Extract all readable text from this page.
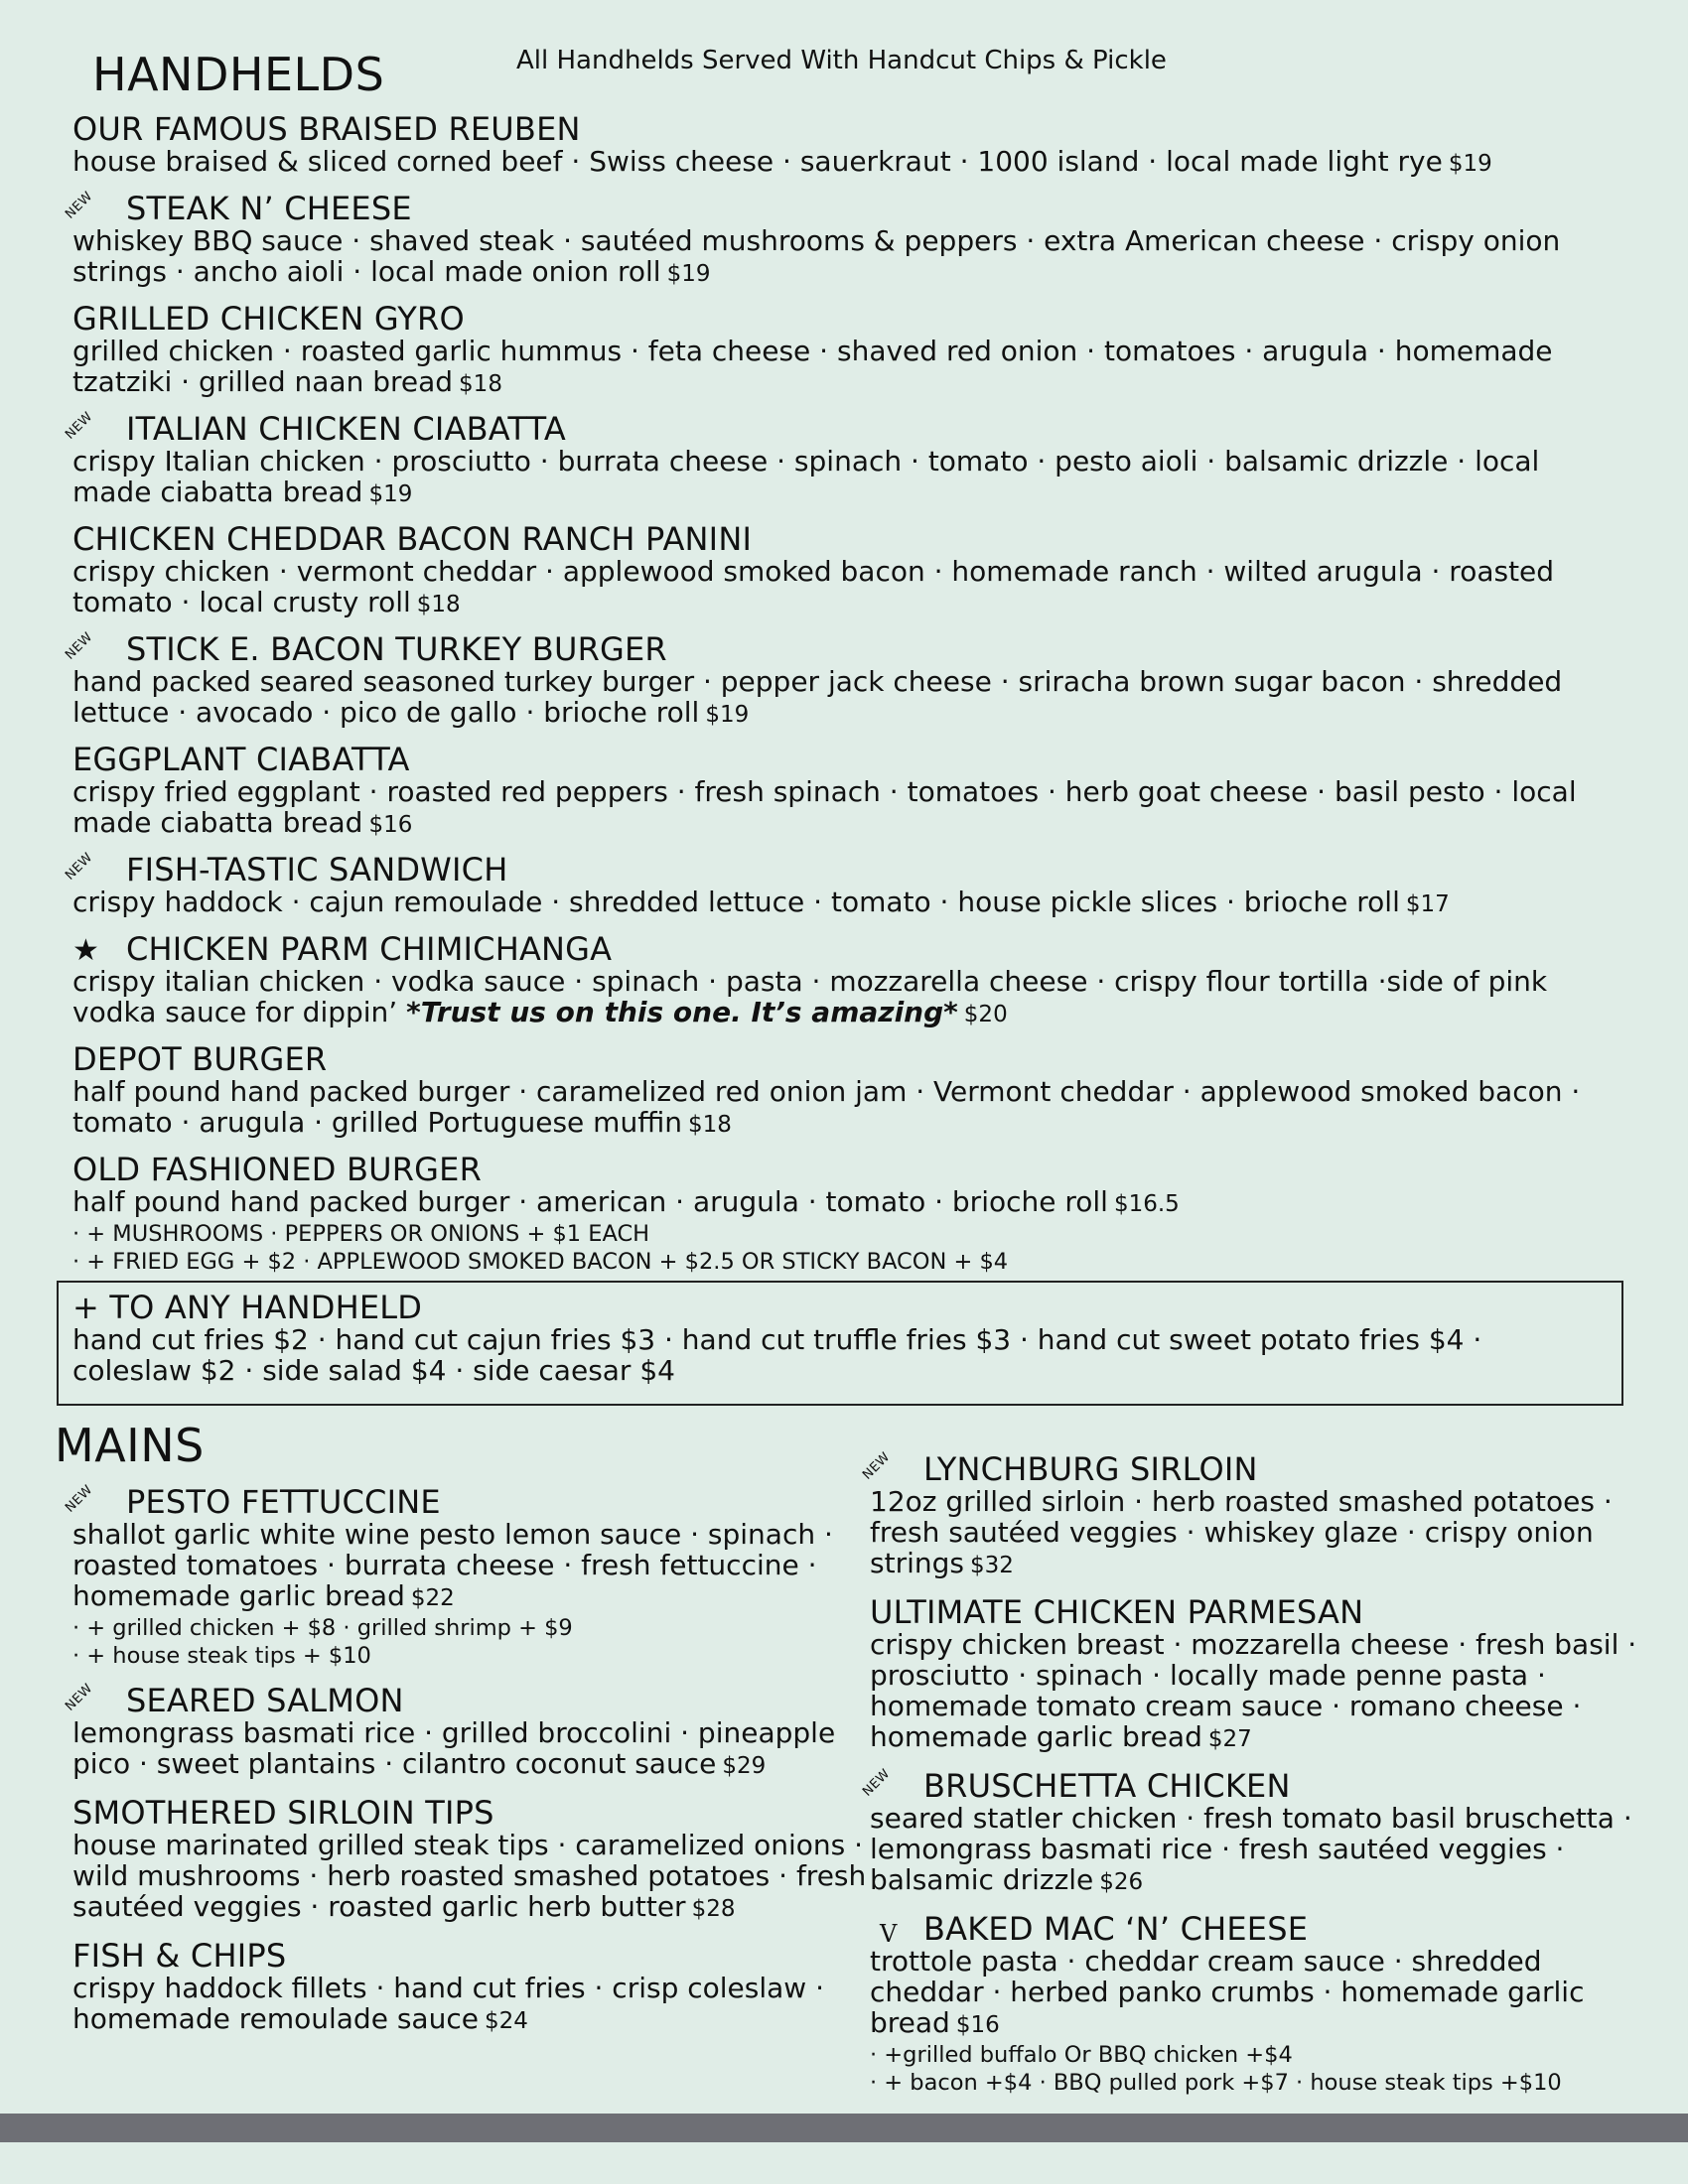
HANDHELDS	All Handhelds Served With Handcut Chips & Pickle
OUR FAMOUS BRAISED REUBEN
house braised & sliced corned beef · Swiss cheese · sauerkraut · 1000 island · local made light rye $19
NEW STEAK N’ CHEESE
whiskey BBQ sauce · shaved steak · sautéed mushrooms & peppers · extra American cheese · crispy onion strings · ancho aioli · local made onion roll $19
GRILLED CHICKEN GYRO
grilled chicken · roasted garlic hummus · feta cheese · shaved red onion · tomatoes · arugula · homemade tzatziki · grilled naan bread $18
NEW ITALIAN CHICKEN CIABATTA
crispy Italian chicken · prosciutto · burrata cheese · spinach · tomato · pesto aioli · balsamic drizzle · local made ciabatta bread $19
CHICKEN CHEDDAR BACON RANCH PANINI
crispy chicken · vermont cheddar · applewood smoked bacon · homemade ranch · wilted arugula · roasted tomato · local crusty roll $18
NEW STICK E. BACON TURKEY BURGER
hand packed seared seasoned turkey burger · pepper jack cheese · sriracha brown sugar bacon · shredded lettuce · avocado · pico de gallo · brioche roll $19
EGGPLANT CIABATTA
crispy fried eggplant · roasted red peppers · fresh spinach · tomatoes · herb goat cheese · basil pesto · local made ciabatta bread $16
NEW FISH-TASTIC SANDWICH
crispy haddock · cajun remoulade · shredded lettuce · tomato · house pickle slices · brioche roll $17
★ CHICKEN PARM CHIMICHANGA
crispy italian chicken · vodka sauce · spinach · pasta · mozzarella cheese · crispy flour tortilla ·side of pink vodka sauce for dippin’ *Trust us on this one. It’s amazing* $20
DEPOT BURGER
half pound hand packed burger · caramelized red onion jam · Vermont cheddar · applewood smoked bacon · tomato · arugula · grilled Portuguese muffin $18
OLD FASHIONED BURGER
half pound hand packed burger · american · arugula · tomato · brioche roll $16.5
· + MUSHROOMS · PEPPERS OR ONIONS + $1 EACH
· + FRIED EGG + $2 · APPLEWOOD SMOKED BACON + $2.5 OR STICKY BACON + $4
+ TO ANY HANDHELD
hand cut fries $2 · hand cut cajun fries $3 · hand cut truffle fries $3 · hand cut sweet potato fries $4 · coleslaw $2 · side salad $4 · side caesar $4
MAINS
NEW PESTO FETTUCCINE
shallot garlic white wine pesto lemon sauce · spinach · roasted tomatoes · burrata cheese · fresh fettuccine · homemade garlic bread $22
· + grilled chicken + $8 · grilled shrimp + $9
· + house steak tips + $10
NEW SEARED SALMON
lemongrass basmati rice · grilled broccolini · pineapple pico · sweet plantains · cilantro coconut sauce $29
SMOTHERED SIRLOIN TIPS
house marinated grilled steak tips · caramelized onions · wild mushrooms · herb roasted smashed potatoes · fresh sautéed veggies · roasted garlic herb butter $28
FISH & CHIPS
crispy haddock fillets · hand cut fries · crisp coleslaw · homemade remoulade sauce $24
NEW LYNCHBURG SIRLOIN
12oz grilled sirloin · herb roasted smashed potatoes · fresh sautéed veggies · whiskey glaze · crispy onion strings $32
ULTIMATE CHICKEN PARMESAN
crispy chicken breast · mozzarella cheese · fresh basil · prosciutto · spinach · locally made penne pasta · homemade tomato cream sauce · romano cheese · homemade garlic bread $27
NEW BRUSCHETTA CHICKEN
seared statler chicken · fresh tomato basil bruschetta · lemongrass basmati rice · fresh sautéed veggies · balsamic drizzle $26
V BAKED MAC ‘N’ CHEESE
trottole pasta · cheddar cream sauce · shredded cheddar · herbed panko crumbs · homemade garlic bread $16
· +grilled buffalo Or BBQ chicken +$4
· + bacon +$4 · BBQ pulled pork +$7 · house steak tips +$10
